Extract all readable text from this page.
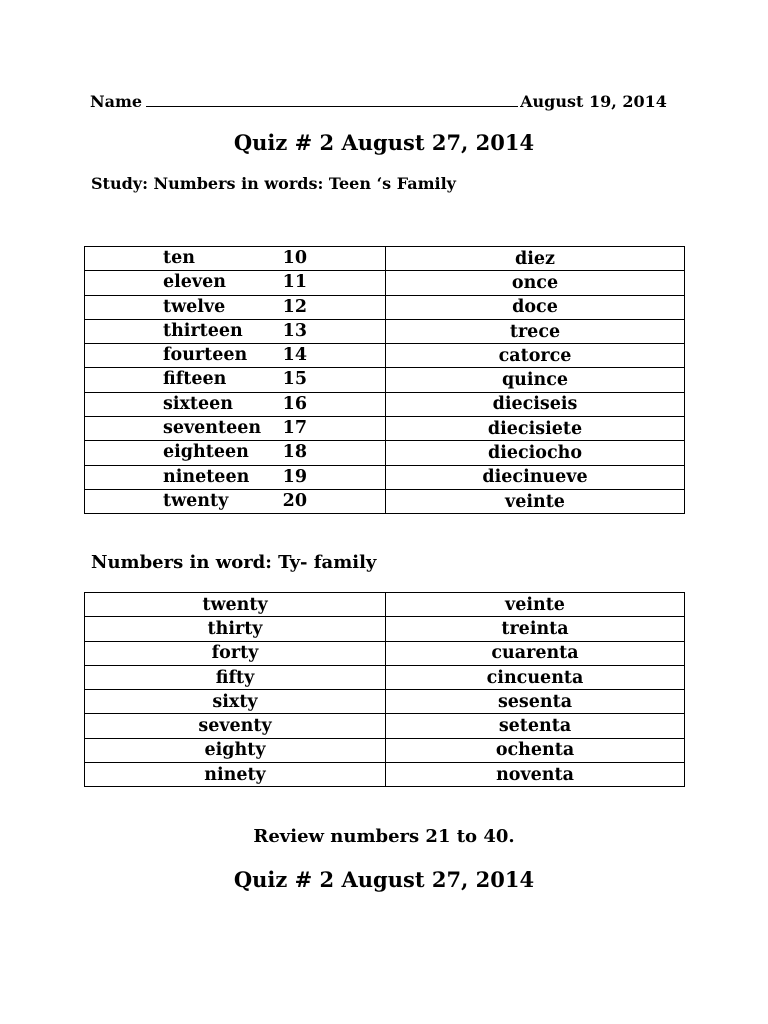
Name	August 19, 2014
Quiz # 2 August 27, 2014
Study: Numbers in words: Teen ‘s Family
ten 10	diez

eleven 11	once

twelve 12	doce

thirteen 13	trece

fourteen 14	catorce

fifteen 15	quince

sixteen 16	dieciseis

seventeen 17	diecisiete

eighteen 18	dieciocho

nineteen 19	diecinueve

twenty 20	veinte
Numbers in word: Ty- family
twenty	veinte
thirty	treinta
forty	cuarenta
fifty	cincuenta
sixty	sesenta
seventy	setenta
eighty	ochenta
ninety	noventa
Review numbers 21 to 40.
Quiz # 2 August 27, 2014
